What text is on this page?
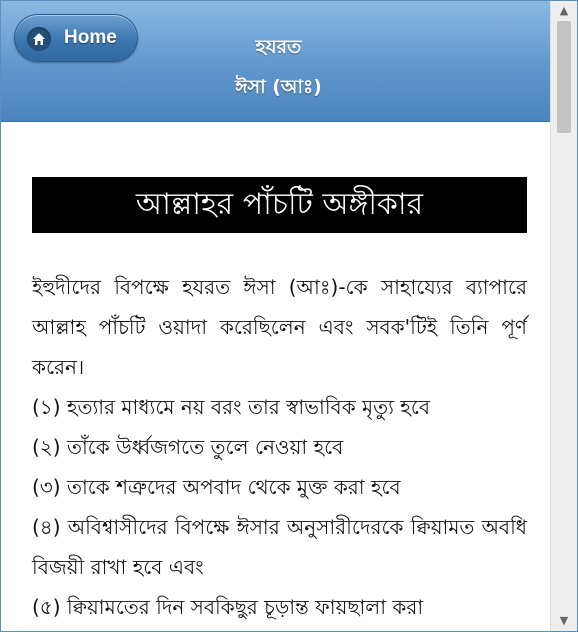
Home	হযরত
ঈসা (আঃ)
আল্লাহর পাঁচটি অঙ্গীকার

ইহুদীদের বিপক্ষে হযরত ঈসা (আঃ)-কে সাহায্যের ব্যাপারে আল্লাহ পাঁচটি ওয়াদা করেছিলেন এবং সবক'টিই তিনি পূর্ণ করেন।

(১) হত্যার মাধ্যমে নয় বরং তার স্বাভাবিক মৃত্যু হবে

(২) তাঁকে উর্ধ্বজগতে তুলে নেওয়া হবে

(৩) তাকে শত্রুদের অপবাদ থেকে মুক্ত করা হবে

(৪) অবিশ্বাসীদের বিপক্ষে ঈসার অনুসারীদেরকে ক্বিয়ামত অবধি বিজয়ী রাখা হবে এবং

(৫) ক্বিয়ামতের দিন সবকিছুর চূড়ান্ত ফায়ছালা করা

▲
▼
